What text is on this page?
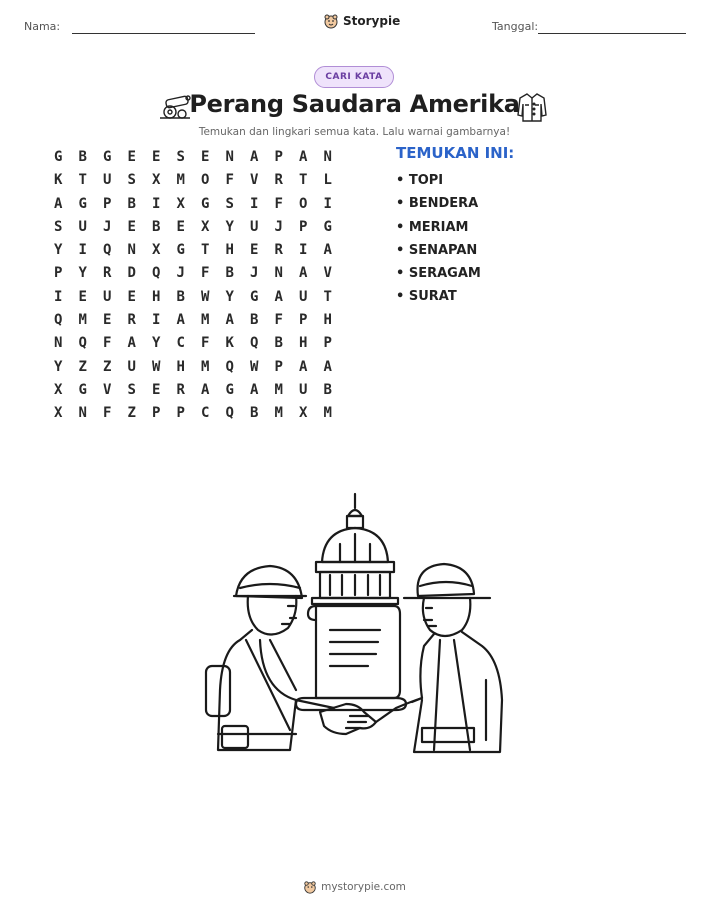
Nama:	Storypie	Tanggal:
CARI KATA
Perang Saudara Amerika
Temukan dan lingkari semua kata. Lalu warnai gambarnya!
G	B	G	E	E	S	E	N	A	P	A	N
K	T	U	S	X	M	O	F	V	R	T	L
A	G	P	B	I	X	G	S	I	F	O	I
S	U	J	E	B	E	X	Y	U	J	P	G
Y	I	Q	N	X	G	T	H	E	R	I	A
P	Y	R	D	Q	J	F	B	J	N	A	V
I	E	U	E	H	B	W	Y	G	A	U	T
Q	M	E	R	I	A	M	A	B	F	P	H
N	Q	F	A	Y	C	F	K	Q	B	H	P
Y	Z	Z	U	W	H	M	Q	W	P	A	A
X	G	V	S	E	R	A	G	A	M	U	B
X	N	F	Z	P	P	C	Q	B	M	X	M
TEMUKAN INI:
• TOPI
• BENDERA
• MERIAM
• SENAPAN
• SERAGAM
• SURAT
mystorypie.com
